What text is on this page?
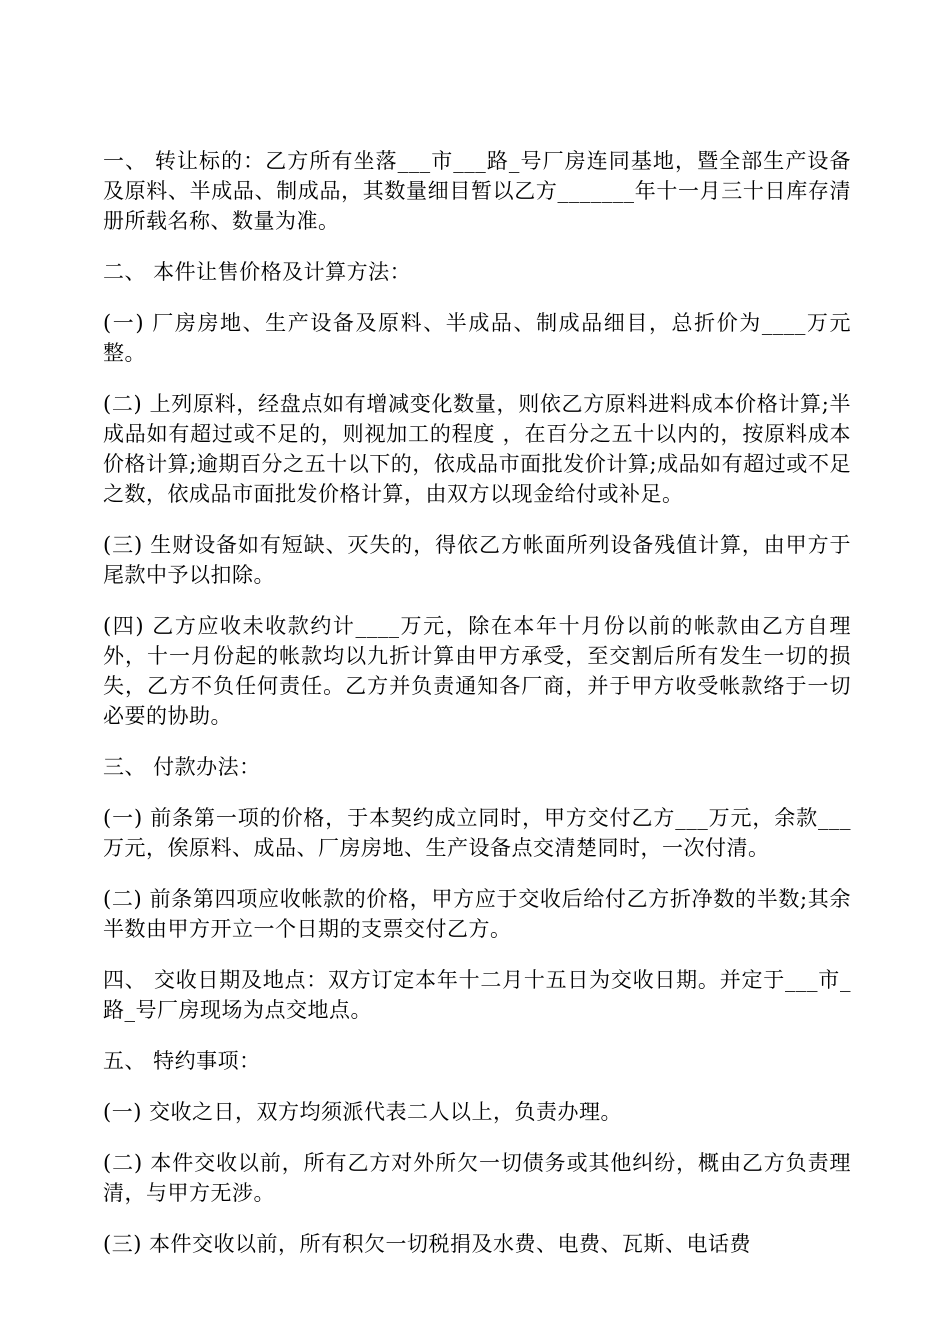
一、 转让标的：乙方所有坐落___市___路_号厂房连同基地，暨全部生产设备及原料、半成品、制成品，其数量细目暂以乙方_______年十一月三十日库存清册所载名称、数量为准。

二、 本件让售价格及计算方法：

(一) 厂房房地、生产设备及原料、半成品、制成品细目，总折价为____万元整。

(二) 上列原料，经盘点如有增减变化数量，则依乙方原料进料成本价格计算;半成品如有超过或不足的，则视加工的程度 ，在百分之五十以内的，按原料成本价格计算;逾期百分之五十以下的，依成品市面批发价计算;成品如有超过或不足之数，依成品市面批发价格计算，由双方以现金给付或补足。

(三) 生财设备如有短缺、灭失的，得依乙方帐面所列设备残值计算，由甲方于尾款中予以扣除。

(四) 乙方应收未收款约计____万元，除在本年十月份以前的帐款由乙方自理外，十一月份起的帐款均以九折计算由甲方承受，至交割后所有发生一切的损失，乙方不负任何责任。乙方并负责通知各厂商，并于甲方收受帐款络于一切必要的协助。

三、 付款办法：

(一) 前条第一项的价格，于本契约成立同时，甲方交付乙方___万元，余款___万元，俟原料、成品、厂房房地、生产设备点交清楚同时，一次付清。

(二) 前条第四项应收帐款的价格，甲方应于交收后给付乙方折净数的半数;其余半数由甲方开立一个日期的支票交付乙方。

四、 交收日期及地点：双方订定本年十二月十五日为交收日期。并定于___市_路_号厂房现场为点交地点。

五、 特约事项：

(一) 交收之日，双方均须派代表二人以上，负责办理。

(二) 本件交收以前，所有乙方对外所欠一切债务或其他纠纷，概由乙方负责理清，与甲方无涉。

(三) 本件交收以前，所有积欠一切税捐及水费、电费、瓦斯、电话费
